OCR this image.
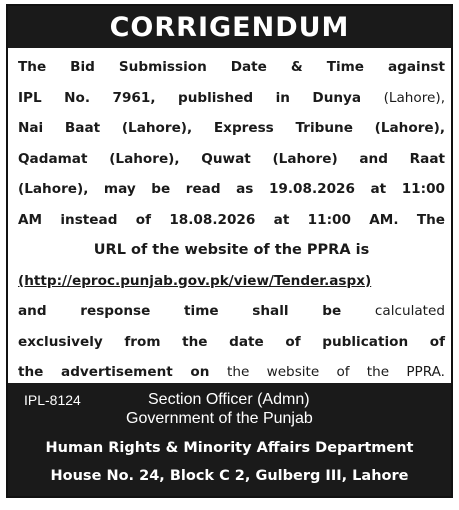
CORRIGENDUM
The Bid Submission Date & Time against
IPL No. 7961, published in Dunya (Lahore),
Nai Baat (Lahore), Express Tribune (Lahore),
Qadamat (Lahore), Quwat (Lahore) and Raat
(Lahore), may be read as 19.08.2026 at 11:00
AM instead of 18.08.2026 at 11:00 AM. The
URL of the website of the PPRA is
(http://eproc.punjab.gov.pk/view/Tender.aspx)
and response time shall be calculated
exclusively from the date of publication of
the advertisement on the website of the PPRA.
IPL-8124	Section Officer (Admn)
Government of the Punjab
Human Rights & Minority Affairs Department
House No. 24, Block C 2, Gulberg III, Lahore
